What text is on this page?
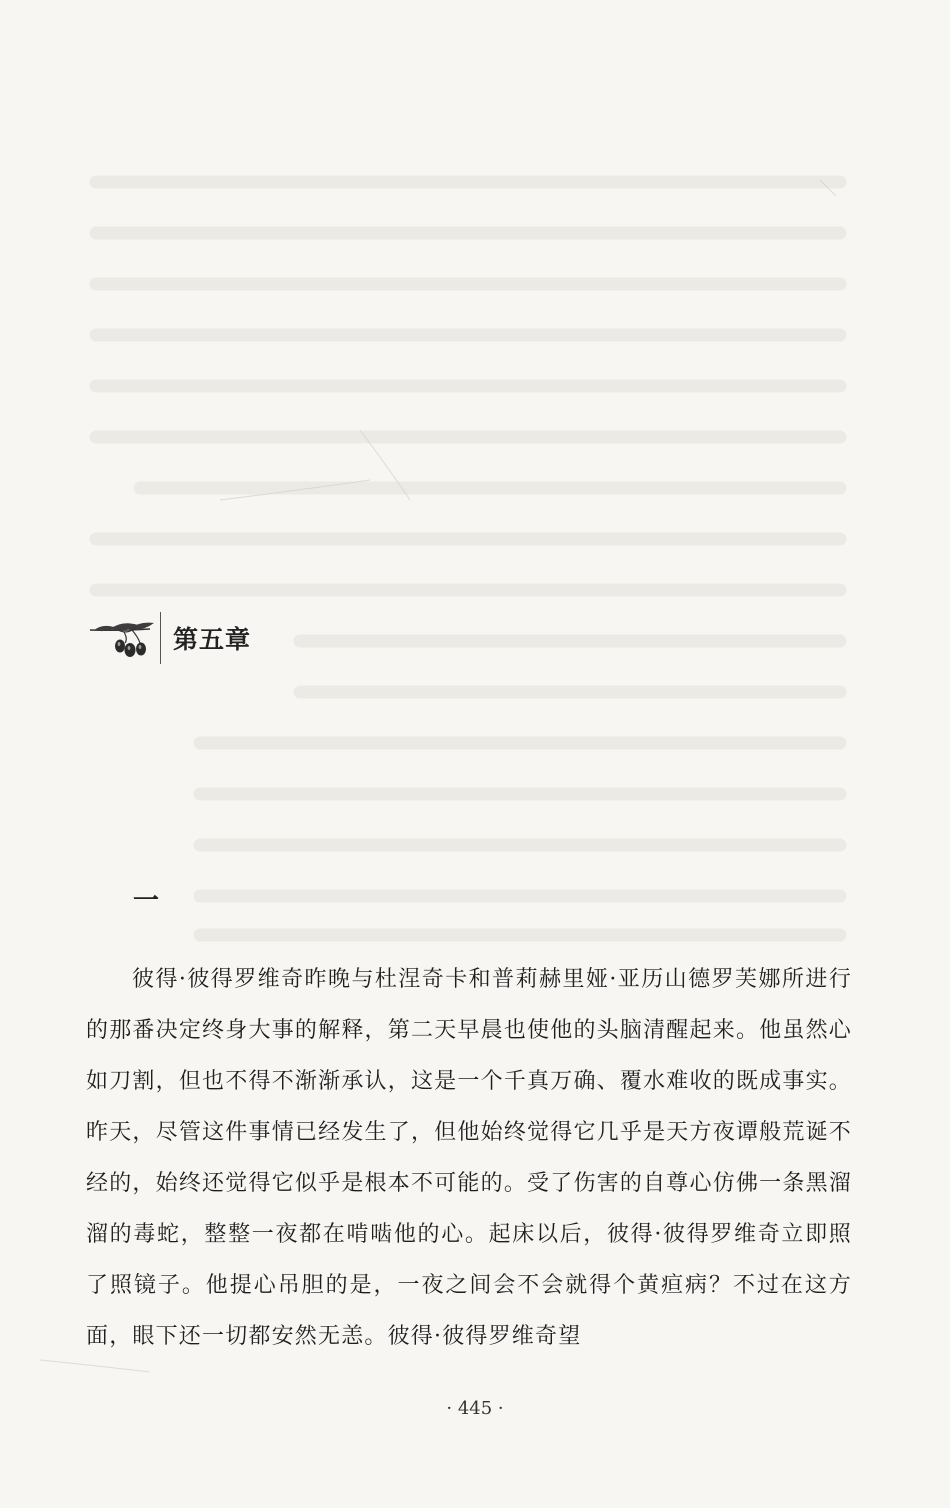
第五章
一

彼得·彼得罗维奇昨晚与杜涅奇卡和普莉赫里娅·亚历山德罗芙娜所进行的那番决定终身大事的解释，第二天早晨也使他的头脑清醒起来。他虽然心如刀割，但也不得不渐渐承认，这是一个千真万确、覆水难收的既成事实。昨天，尽管这件事情已经发生了，但他始终觉得它几乎是天方夜谭般荒诞不经的，始终还觉得它似乎是根本不可能的。受了伤害的自尊心仿佛一条黑溜溜的毒蛇，整整一夜都在啃啮他的心。起床以后，彼得·彼得罗维奇立即照了照镜子。他提心吊胆的是，一夜之间会不会就得个黄疸病？不过在这方面，眼下还一切都安然无恙。彼得·彼得罗维奇望

· 445 ·
